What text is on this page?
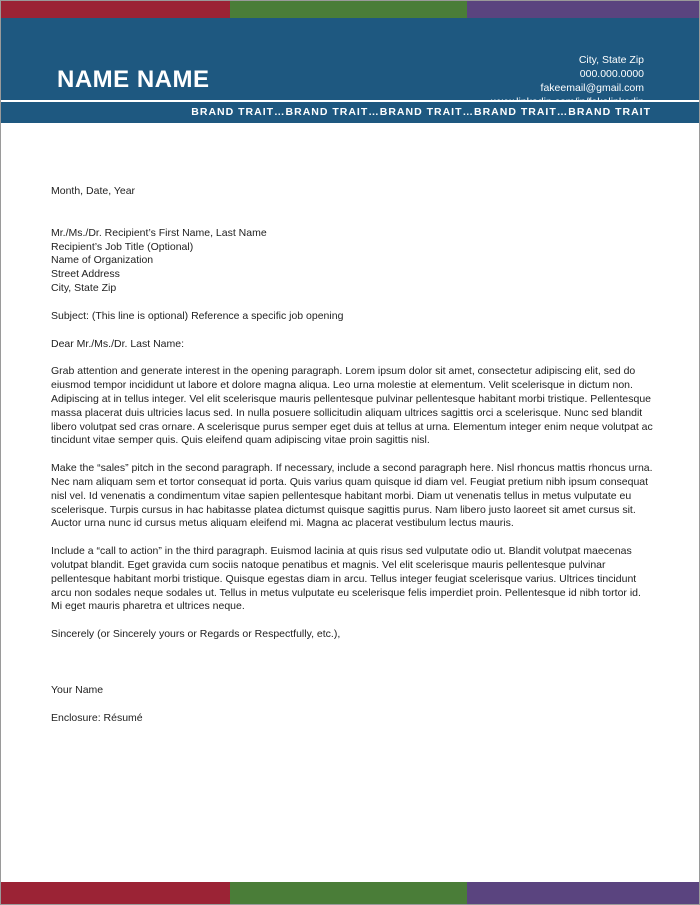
NAME NAME
City, State Zip
000.000.0000
fakeemail@gmail.com
BRAND TRAIT…BRAND TRAIT…BRAND TRAIT…BRAND TRAIT…BRAND TRAIT

Month, Date, Year

Mr./Ms./Dr. Recipient’s First Name, Last Name
Recipient’s Job Title (Optional)
Name of Organization
Street Address
City, State Zip

Subject: (This line is optional) Reference a specific job opening

Dear Mr./Ms./Dr. Last Name:

Grab attention and generate interest in the opening paragraph. Lorem ipsum dolor sit amet, consectetur adipiscing elit, sed do eiusmod tempor incididunt ut labore et dolore magna aliqua. Leo urna molestie at elementum. Velit scelerisque in dictum non. Adipiscing at in tellus integer. Vel elit scelerisque mauris pellentesque pulvinar pellentesque habitant morbi tristique. Pellentesque massa placerat duis ultricies lacus sed. In nulla posuere sollicitudin aliquam ultrices sagittis orci a scelerisque. Nunc sed blandit libero volutpat sed cras ornare. A scelerisque purus semper eget duis at tellus at urna. Elementum integer enim neque volutpat ac tincidunt vitae semper quis. Quis eleifend quam adipiscing vitae proin sagittis nisl.

Make the “sales” pitch in the second paragraph. If necessary, include a second paragraph here. Nisl rhoncus mattis rhoncus urna. Nec nam aliquam sem et tortor consequat id porta. Quis varius quam quisque id diam vel. Feugiat pretium nibh ipsum consequat nisl vel. Id venenatis a condimentum vitae sapien pellentesque habitant morbi. Diam ut venenatis tellus in metus vulputate eu scelerisque. Turpis cursus in hac habitasse platea dictumst quisque sagittis purus. Nam libero justo laoreet sit amet cursus sit. Auctor urna nunc id cursus metus aliquam eleifend mi. Magna ac placerat vestibulum lectus mauris.

Include a “call to action” in the third paragraph. Euismod lacinia at quis risus sed vulputate odio ut. Blandit volutpat maecenas volutpat blandit. Eget gravida cum sociis natoque penatibus et magnis. Vel elit scelerisque mauris pellentesque pulvinar pellentesque habitant morbi tristique. Quisque egestas diam in arcu. Tellus integer feugiat scelerisque varius. Ultrices tincidunt arcu non sodales neque sodales ut. Tellus in metus vulputate eu scelerisque felis imperdiet proin. Pellentesque id nibh tortor id. Mi eget mauris pharetra et ultrices neque.

Sincerely (or Sincerely yours or Regards or Respectfully, etc.),

Your Name

Enclosure: Résumé
